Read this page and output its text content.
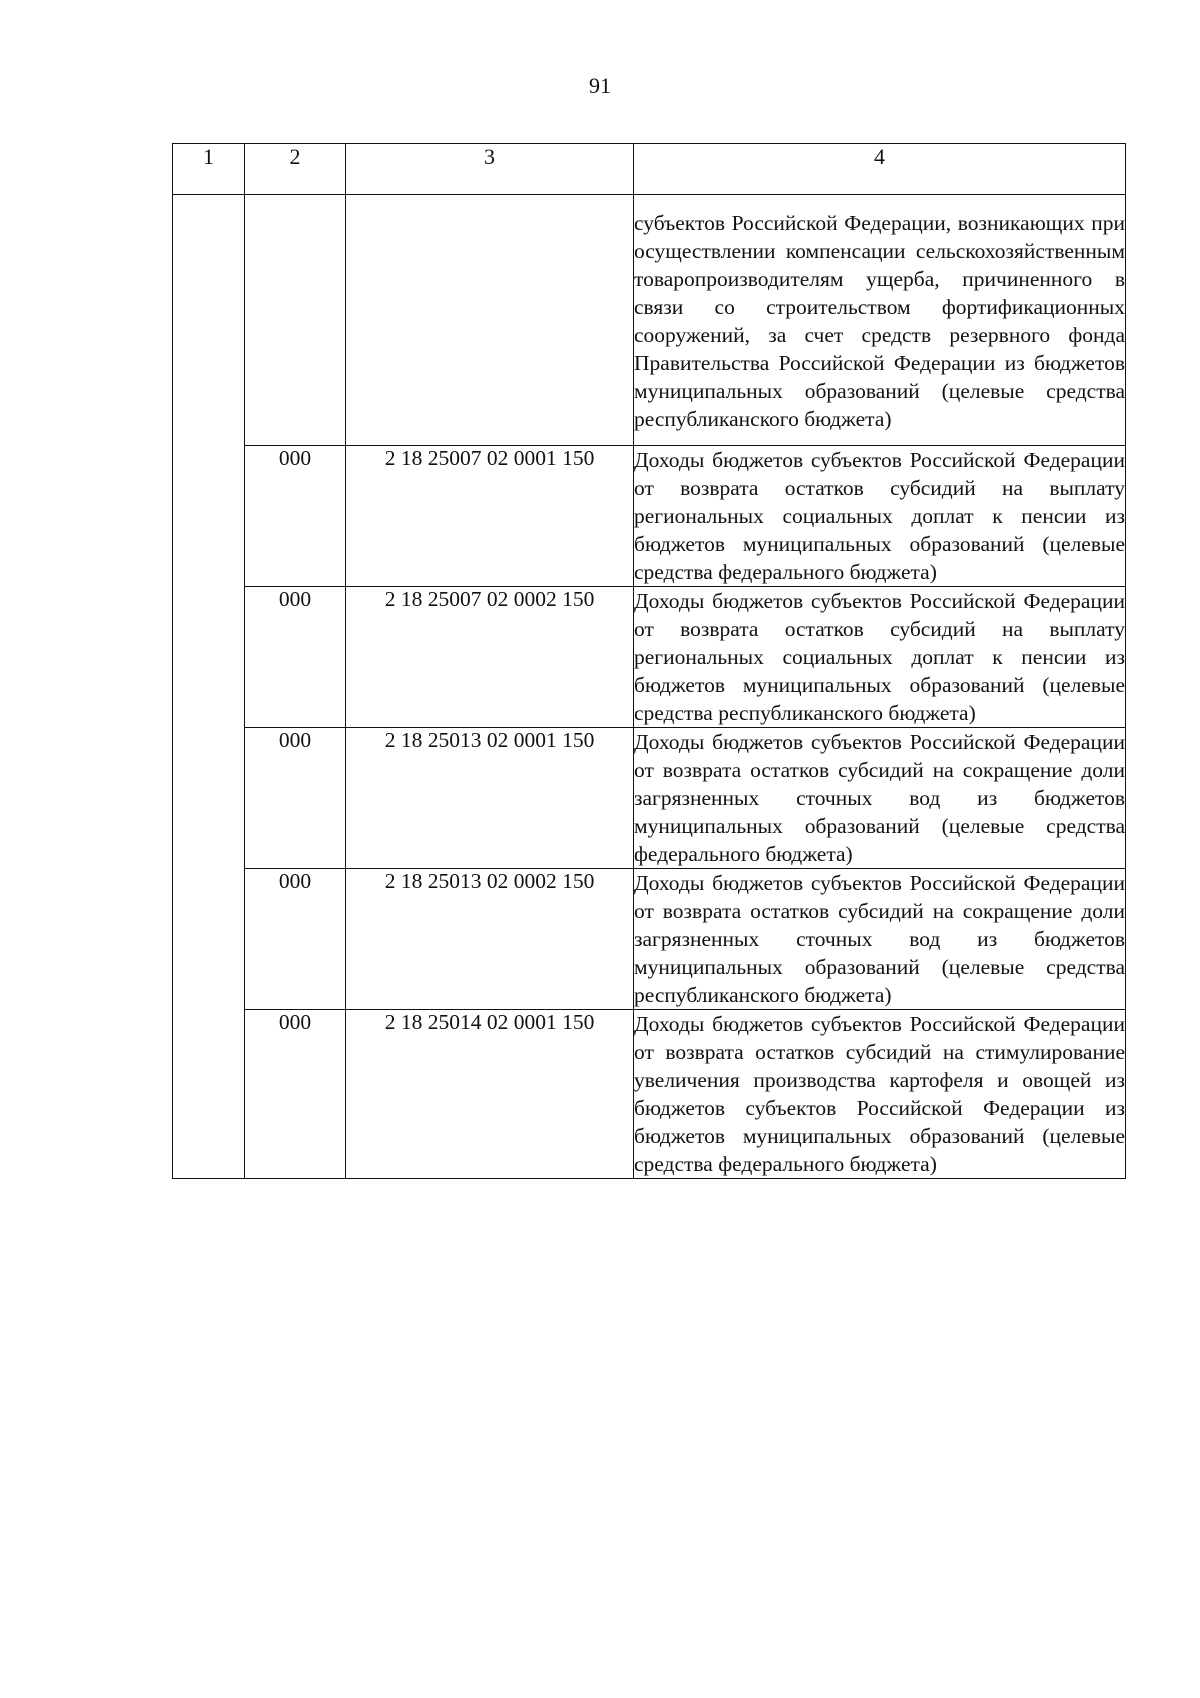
91
1	2	3	4

			субъектов Российской Федерации, возникающих при осуществлении компенсации сельскохозяйственным товаропроизводителям ущерба, причиненного в связи со строительством фортификационных сооружений, за счет средств резервного фонда Правительства Российской Федерации из бюджетов муниципальных образований (целевые средства республиканского бюджета)

	000	2 18 25007 02 0001 150	Доходы бюджетов субъектов Российской Федерации от возврата остатков субсидий на выплату региональных социальных доплат к пенсии из бюджетов муниципальных образований (целевые средства федерального бюджета)

	000	2 18 25007 02 0002 150	Доходы бюджетов субъектов Российской Федерации от возврата остатков субсидий на выплату региональных социальных доплат к пенсии из бюджетов муниципальных образований (целевые средства республиканского бюджета)

	000	2 18 25013 02 0001 150	Доходы бюджетов субъектов Российской Федерации от возврата остатков субсидий на сокращение доли загрязненных сточных вод из бюджетов муниципальных образований (целевые средства федерального бюджета)

	000	2 18 25013 02 0002 150	Доходы бюджетов субъектов Российской Федерации от возврата остатков субсидий на сокращение доли загрязненных сточных вод из бюджетов муниципальных образований (целевые средства республиканского бюджета)

	000	2 18 25014 02 0001 150	Доходы бюджетов субъектов Российской Федерации от возврата остатков субсидий на стимулирование увеличения производства картофеля и овощей из бюджетов субъектов Российской Федерации из бюджетов муниципальных образований (целевые средства федерального бюджета)
